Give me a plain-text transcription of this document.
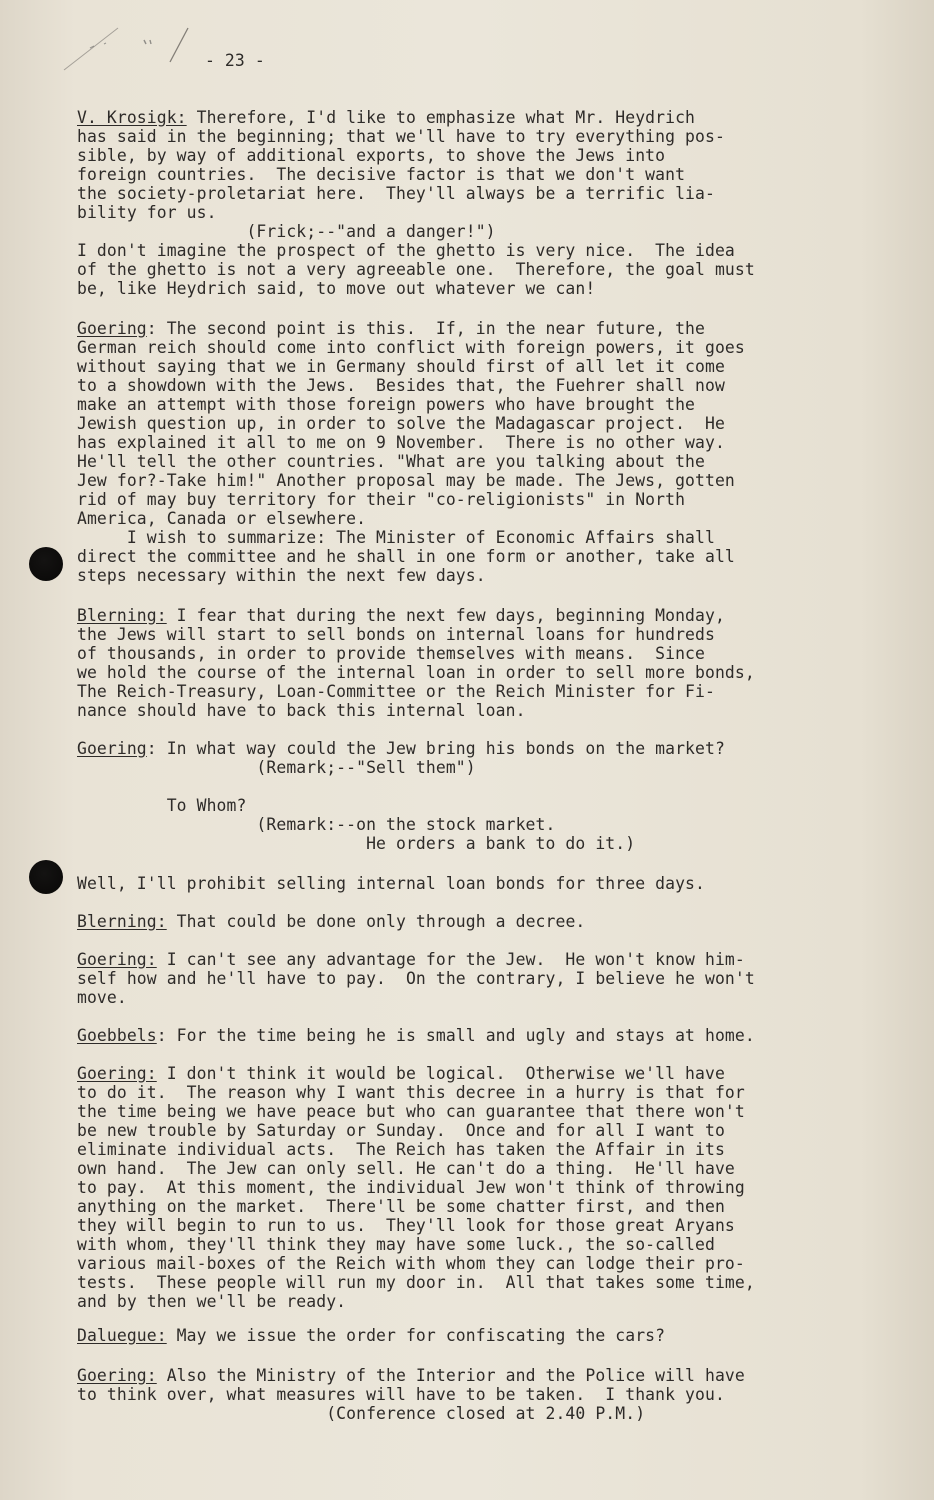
- 23 -
V. Krosigk: Therefore, I'd like to emphasize what Mr. Heydrich
has said in the beginning; that we'll have to try everything pos-
sible, by way of additional exports, to shove the Jews into
foreign countries.  The decisive factor is that we don't want
the society-proletariat here.  They'll always be a terrific lia-
bility for us.
(Frick;--"and a danger!")
I don't imagine the prospect of the ghetto is very nice.  The idea
of the ghetto is not a very agreeable one.  Therefore, the goal must
be, like Heydrich said, to move out whatever we can!
Goering: The second point is this.  If, in the near future, the
German reich should come into conflict with foreign powers, it goes
without saying that we in Germany should first of all let it come
to a showdown with the Jews.  Besides that, the Fuehrer shall now
make an attempt with those foreign powers who have brought the
Jewish question up, in order to solve the Madagascar project.  He
has explained it all to me on 9 November.  There is no other way.
He'll tell the other countries. "What are you talking about the
Jew for?-Take him!" Another proposal may be made. The Jews, gotten
rid of may buy territory for their "co-religionists" in North
America, Canada or elsewhere.
I wish to summarize: The Minister of Economic Affairs shall
direct the committee and he shall in one form or another, take all
steps necessary within the next few days.
Blerning: I fear that during the next few days, beginning Monday,
the Jews will start to sell bonds on internal loans for hundreds
of thousands, in order to provide themselves with means.  Since
we hold the course of the internal loan in order to sell more bonds,
The Reich-Treasury, Loan-Committee or the Reich Minister for Fi-
nance should have to back this internal loan.
Goering: In what way could the Jew bring his bonds on the market?
(Remark;--"Sell them")
To Whom?
(Remark:--on the stock market.
He orders a bank to do it.)
Well, I'll prohibit selling internal loan bonds for three days.
Blerning: That could be done only through a decree.
Goering: I can't see any advantage for the Jew.  He won't know him-
self how and he'll have to pay.  On the contrary, I believe he won't
move.
Goebbels: For the time being he is small and ugly and stays at home.
Goering: I don't think it would be logical.  Otherwise we'll have
to do it.  The reason why I want this decree in a hurry is that for
the time being we have peace but who can guarantee that there won't
be new trouble by Saturday or Sunday.  Once and for all I want to
eliminate individual acts.  The Reich has taken the Affair in its
own hand.  The Jew can only sell. He can't do a thing.  He'll have
to pay.  At this moment, the individual Jew won't think of throwing
anything on the market.  There'll be some chatter first, and then
they will begin to run to us.  They'll look for those great Aryans
with whom, they'll think they may have some luck., the so-called
various mail-boxes of the Reich with whom they can lodge their pro-
tests.  These people will run my door in.  All that takes some time,
and by then we'll be ready.
Daluegue: May we issue the order for confiscating the cars?
Goering: Also the Ministry of the Interior and the Police will have
to think over, what measures will have to be taken.  I thank you.
(Conference closed at 2.40 P.M.)
